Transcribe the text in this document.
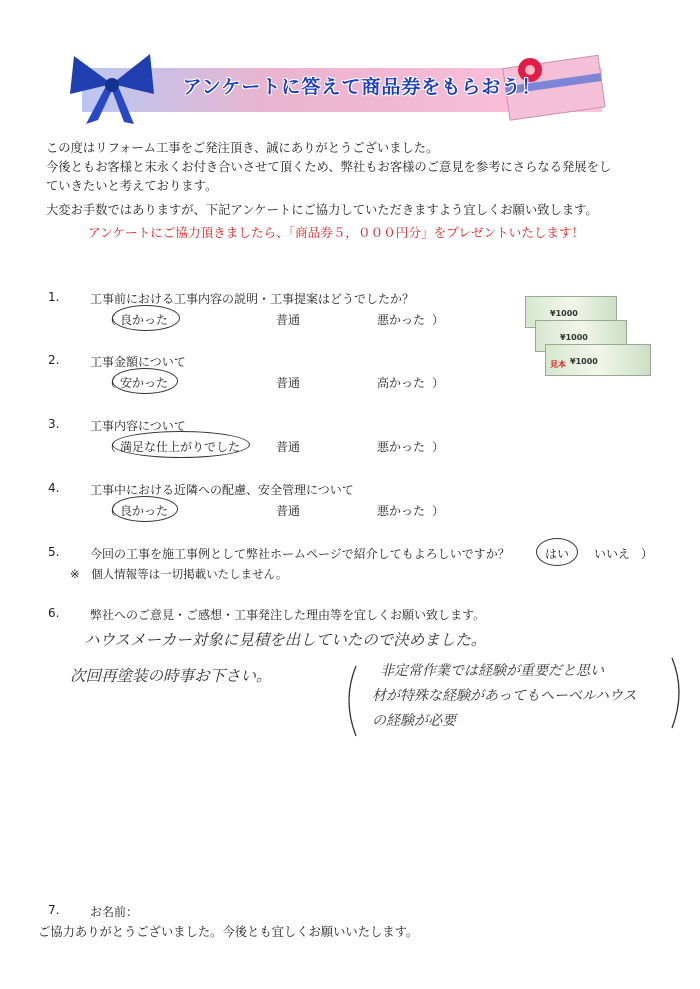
アンケートに答えて商品券をもらおう！
この度はリフォーム工事をご発注頂き、誠にありがとうございました。
今後ともお客様と末永くお付き合いさせて頂くため、弊社もお客様のご意見を参考にさらなる発展をし
ていきたいと考えております。
大変お手数ではありますが、下記アンケートにご協力していただきますよう宜しくお願い致します。
アンケートにご協力頂きましたら、「商品券５，０００円分」をプレゼントいたします！
¥1000
¥1000
見本 ¥1000
1.	工事前における工事内容の説明・工事提案はどうでしたか？
（ 良かった	普通	悪かった ）
2.	工事金額について
（ 安かった	普通	高かった ）
3.	工事内容について
（ 満足な仕上がりでした	普通	悪かった ）
4.	工事中における近隣への配慮、安全管理について
（ 良かった	普通	悪かった ）
5.	今回の工事を施工事例として弊社ホームページで紹介してもよろしいですか？	はい いいえ ）
※　個人情報等は一切掲載いたしません。
6.	弊社へのご意見・ご感想・工事発注した理由等を宜しくお願い致します。
ハウスメーカー対象に見積を出していたので決めました。
次回再塗装の時事お下さい。	非定常作業では経験が重要だと思い
材が特殊な経験があってもヘーベルハウス
の経験が必要
7.	お名前：
ご協力ありがとうございました。今後とも宜しくお願いいたします。
